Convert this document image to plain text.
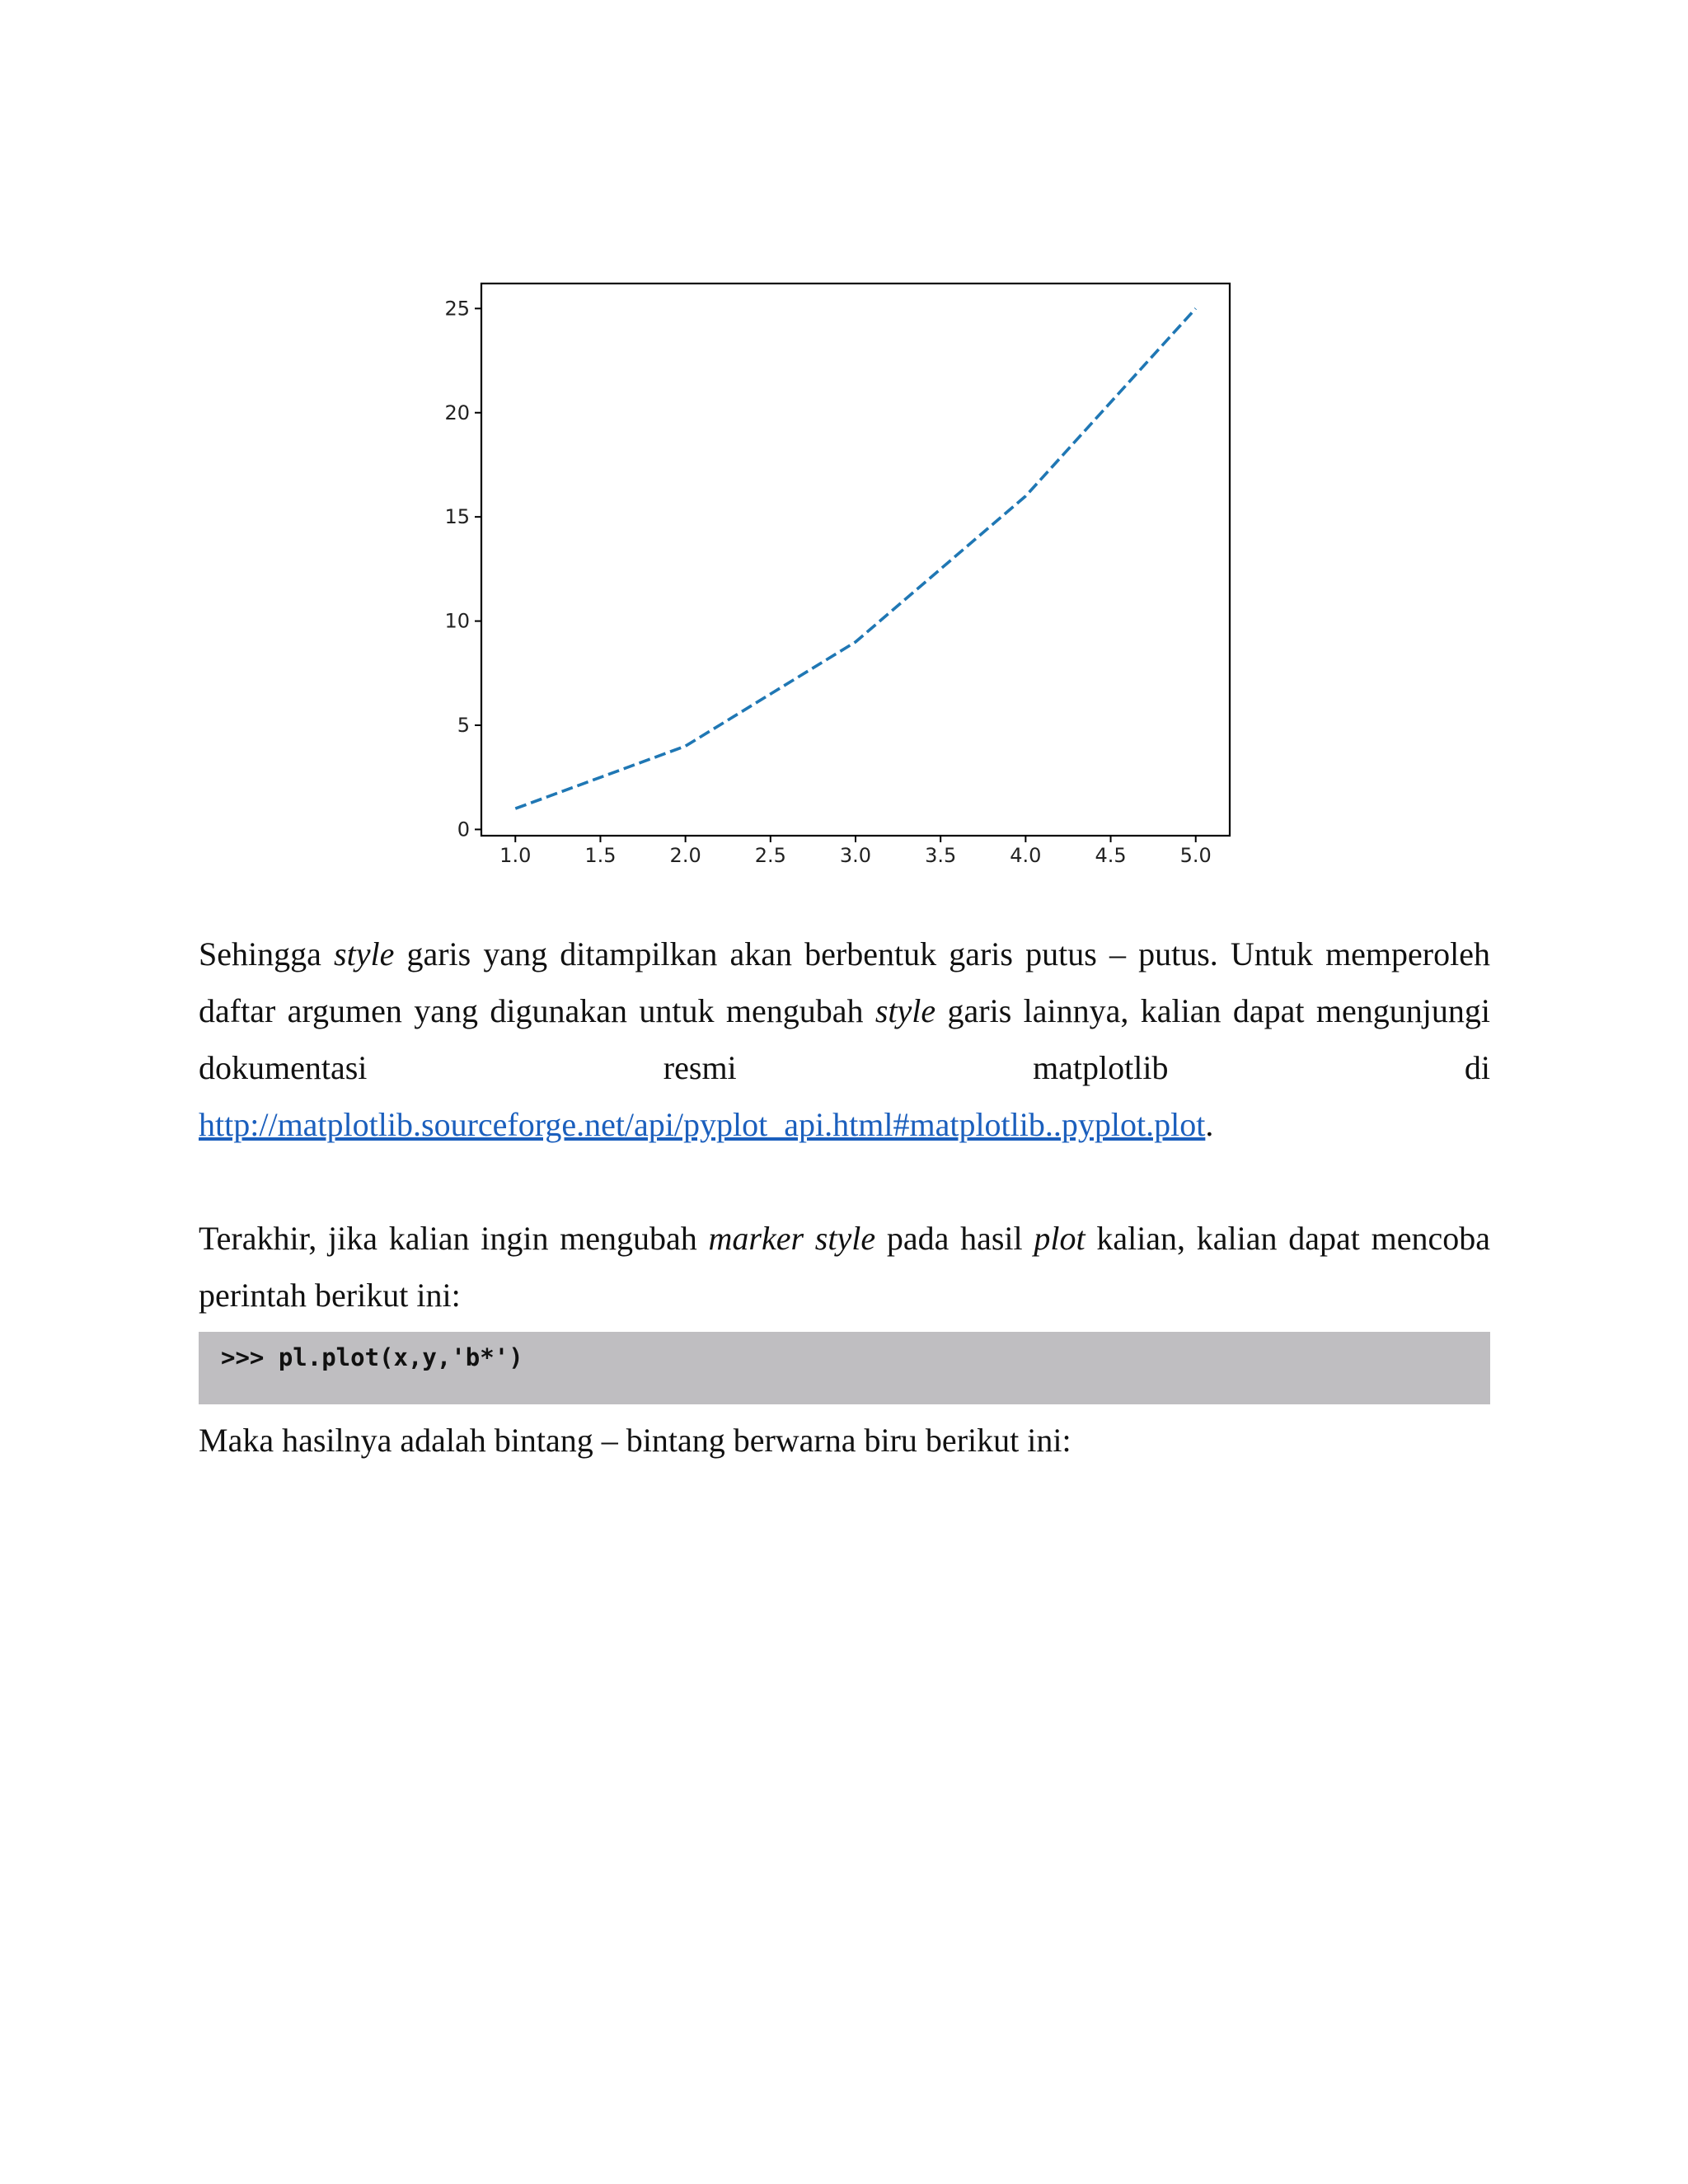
1.0	1.5	2.0	2.5	3.0	3.5	4.0	4.5	5.0
0
5
10
15
20
25
Sehingga style garis yang ditampilkan akan berbentuk garis putus – putus. Untuk memperoleh
daftar argumen yang digunakan untuk mengubah style garis lainnya, kalian dapat mengunjungi
dokumentasi resmi matplotlib di
http://matplotlib.sourceforge.net/api/pyplot_api.html#matplotlib..pyplot.plot.
Terakhir, jika kalian ingin mengubah marker style pada hasil plot kalian, kalian dapat mencoba
perintah berikut ini:
>>> pl.plot(x,y,'b*')
Maka hasilnya adalah bintang – bintang berwarna biru berikut ini:
